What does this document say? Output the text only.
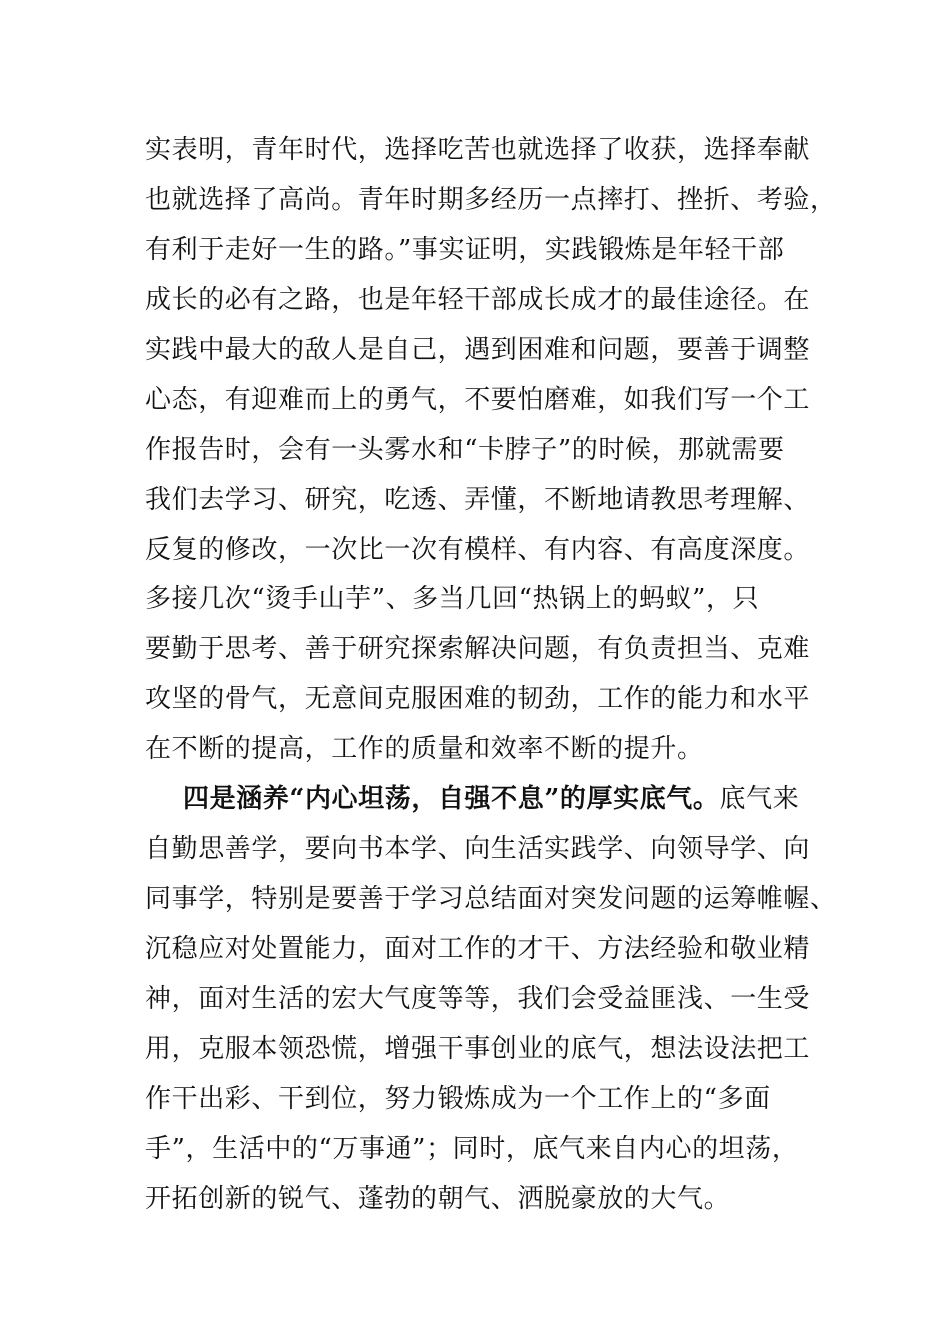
实表明，青年时代，选择吃苦也就选择了收获，选择奉献
也就选择了高尚。青年时期多经历一点摔打、挫折、考验，
有利于走好一生的路。”事实证明，实践锻炼是年轻干部
成长的必有之路，也是年轻干部成长成才的最佳途径。在
实践中最大的敌人是自己，遇到困难和问题，要善于调整
心态，有迎难而上的勇气，不要怕磨难，如我们写一个工
作报告时，会有一头雾水和“卡脖子”的时候，那就需要
我们去学习、研究，吃透、弄懂，不断地请教思考理解、
反复的修改，一次比一次有模样、有内容、有高度深度。
多接几次“烫手山芋”、多当几回“热锅上的蚂蚁”，只
要勤于思考、善于研究探索解决问题，有负责担当、克难
攻坚的骨气，无意间克服困难的韧劲，工作的能力和水平
在不断的提高，工作的质量和效率不断的提升。
四是涵养“内心坦荡，自强不息”的厚实底气。底气来
自勤思善学，要向书本学、向生活实践学、向领导学、向
同事学，特别是要善于学习总结面对突发问题的运筹帷幄、
沉稳应对处置能力，面对工作的才干、方法经验和敬业精
神，面对生活的宏大气度等等，我们会受益匪浅、一生受
用，克服本领恐慌，增强干事创业的底气，想法设法把工
作干出彩、干到位，努力锻炼成为一个工作上的“多面
手”，生活中的“万事通”；同时，底气来自内心的坦荡，
开拓创新的锐气、蓬勃的朝气、洒脱豪放的大气。
